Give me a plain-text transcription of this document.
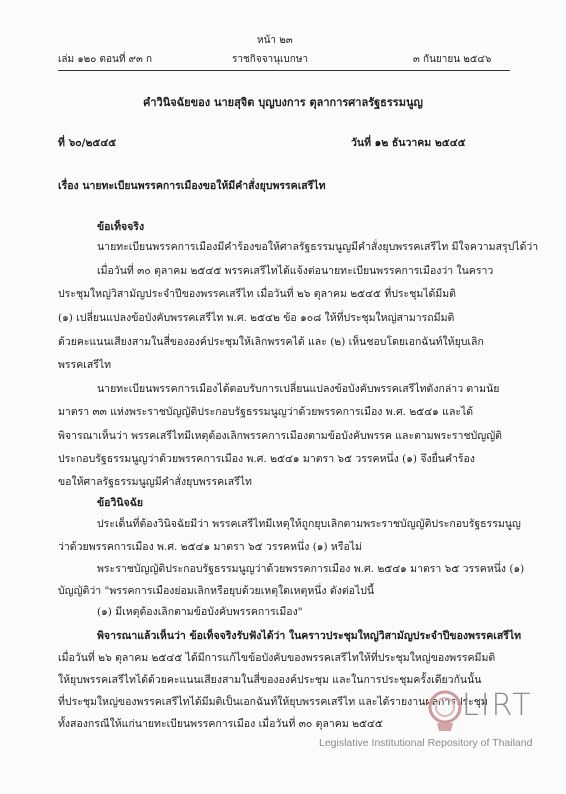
หน้า ๒๓
เล่ม ๑๒๐ ตอนที่ ๙๓ ก	ราชกิจจานุเบกษา	๓ กันยายน ๒๕๔๖
คำวินิจฉัยของ นายสุจิต บุญบงการ ตุลาการศาลรัฐธรรมนูญ
ที่ ๖๐/๒๕๔๕	วันที่ ๑๒ ธันวาคม ๒๕๔๕
เรื่อง นายทะเบียนพรรคการเมืองขอให้มีคำสั่งยุบพรรคเสรีไท
ข้อเท็จจริง
นายทะเบียนพรรคการเมืองมีคำร้องขอให้ศาลรัฐธรรมนูญมีคำสั่งยุบพรรคเสรีไท มีใจความสรุปได้ว่า
เมื่อวันที่ ๓๐ ตุลาคม ๒๕๔๕ พรรคเสรีไทได้แจ้งต่อนายทะเบียนพรรคการเมืองว่า ในคราว
ประชุมใหญ่วิสามัญประจำปีของพรรคเสรีไท เมื่อวันที่ ๒๖ ตุลาคม ๒๕๔๕ ที่ประชุมได้มีมติ
(๑) เปลี่ยนแปลงข้อบังคับพรรคเสรีไท พ.ศ. ๒๕๔๒ ข้อ ๑๐๘ ให้ที่ประชุมใหญ่สามารถมีมติ
ด้วยคะแนนเสียงสามในสี่ขององค์ประชุมให้เลิกพรรคได้ และ (๒) เห็นชอบโดยเอกฉันท์ให้ยุบเลิก
พรรคเสรีไท
นายทะเบียนพรรคการเมืองได้ตอบรับการเปลี่ยนแปลงข้อบังคับพรรคเสรีไทดังกล่าว ตามนัย
มาตรา ๓๓ แห่งพระราชบัญญัติประกอบรัฐธรรมนูญว่าด้วยพรรคการเมือง พ.ศ. ๒๕๔๑ และได้
พิจารณาเห็นว่า พรรคเสรีไทมีเหตุต้องเลิกพรรคการเมืองตามข้อบังคับพรรค และตามพระราชบัญญัติ
ประกอบรัฐธรรมนูญว่าด้วยพรรคการเมือง พ.ศ. ๒๕๔๑ มาตรา ๖๕ วรรคหนึ่ง (๑) จึงยื่นคำร้อง
ขอให้ศาลรัฐธรรมนูญมีคำสั่งยุบพรรคเสรีไท
ข้อวินิจฉัย
ประเด็นที่ต้องวินิจฉัยมีว่า พรรคเสรีไทมีเหตุให้ถูกยุบเลิกตามพระราชบัญญัติประกอบรัฐธรรมนูญ
ว่าด้วยพรรคการเมือง พ.ศ. ๒๕๔๑ มาตรา ๖๕ วรรคหนึ่ง (๑) หรือไม่
พระราชบัญญัติประกอบรัฐธรรมนูญว่าด้วยพรรคการเมือง พ.ศ. ๒๕๔๑ มาตรา ๖๕ วรรคหนึ่ง (๑)
บัญญัติว่า "พรรคการเมืองย่อมเลิกหรือยุบด้วยเหตุใดเหตุหนึ่ง ดังต่อไปนี้
(๑) มีเหตุต้องเลิกตามข้อบังคับพรรคการเมือง"
พิจารณาแล้วเห็นว่า ข้อเท็จจริงรับฟังได้ว่า ในคราวประชุมใหญ่วิสามัญประจำปีของพรรคเสรีไท
เมื่อวันที่ ๒๖ ตุลาคม ๒๕๔๕ ได้มีการแก้ไขข้อบังคับของพรรคเสรีไทให้ที่ประชุมใหญ่ของพรรคมีมติ
ให้ยุบพรรคเสรีไทได้ด้วยคะแนนเสียงสามในสี่ขององค์ประชุม และในการประชุมครั้งเดียวกันนั้น
ที่ประชุมใหญ่ของพรรคเสรีไทได้มีมติเป็นเอกฉันท์ให้ยุบพรรคเสรีไท และได้รายงานผลการประชุม
ทั้งสองกรณีให้แก่นายทะเบียนพรรคการเมือง เมื่อวันที่ ๓๐ ตุลาคม ๒๕๔๕
LIRT
Legislative Institutional Repository of Thailand
